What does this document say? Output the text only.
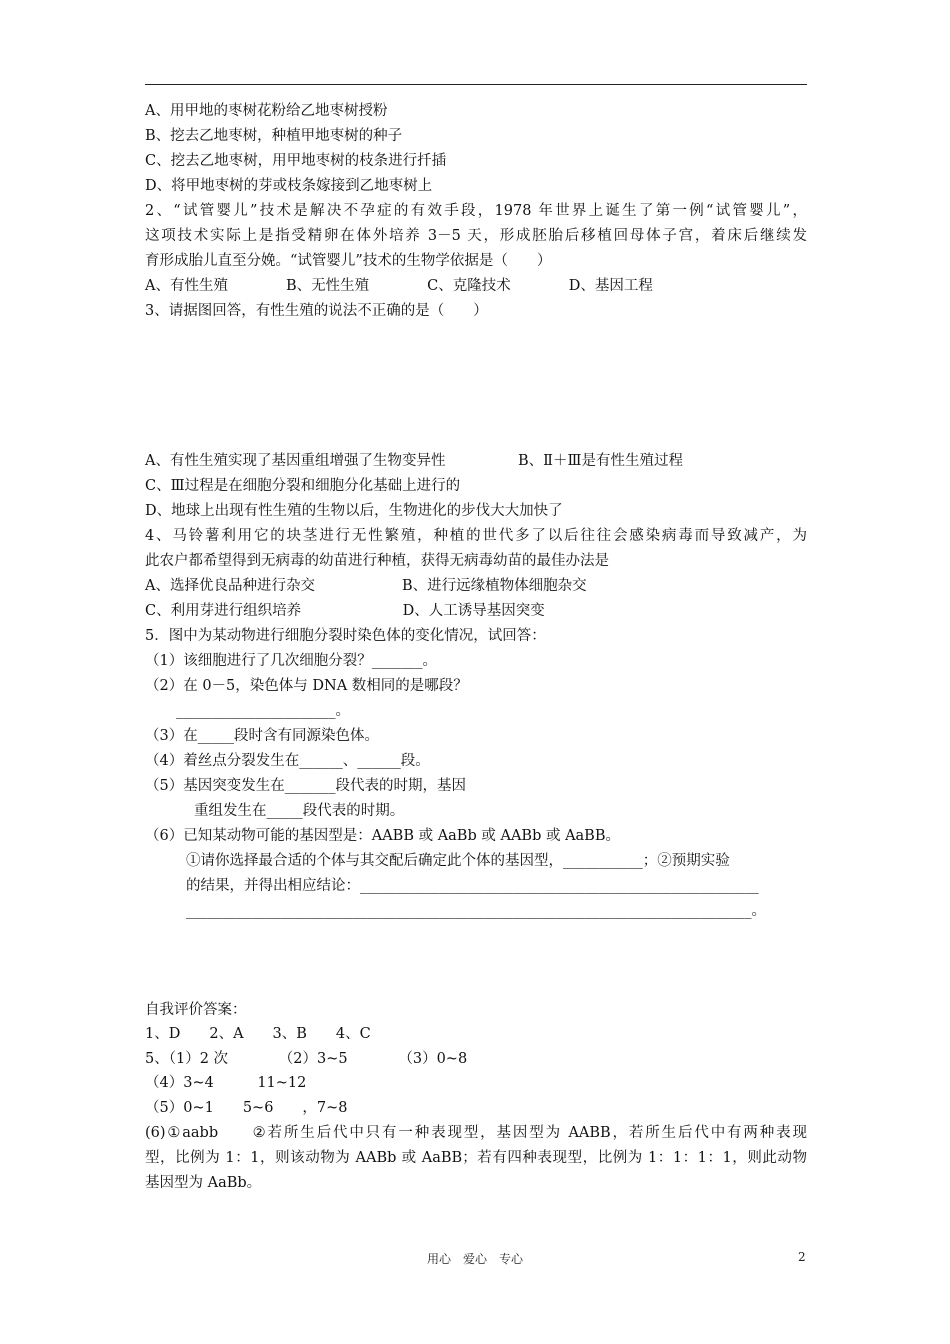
A、用甲地的枣树花粉给乙地枣树授粉
B、挖去乙地枣树，种植甲地枣树的种子
C、挖去乙地枣树，用甲地枣树的枝条进行扦插
D、将甲地枣树的芽或枝条嫁接到乙地枣树上
2、“试管婴儿”技术是解决不孕症的有效手段，1978 年世界上诞生了第一例“试管婴儿”，
这项技术实际上是指受精卵在体外培养 3－5 天，形成胚胎后移植回母体子宫，着床后继续发
育形成胎儿直至分娩。“试管婴儿”技术的生物学依据是（　　）
A、有性生殖　　　　B、无性生殖　　　　C、克隆技术　　　　D、基因工程
3、请据图回答，有性生殖的说法不正确的是（　　）
A、有性生殖实现了基因重组增强了生物变异性　　　　　B、Ⅱ＋Ⅲ是有性生殖过程
C、Ⅲ过程是在细胞分裂和细胞分化基础上进行的
D、地球上出现有性生殖的生物以后，生物进化的步伐大大加快了
4、马铃薯利用它的块茎进行无性繁殖，种植的世代多了以后往往会感染病毒而导致减产，为
此农户都希望得到无病毒的幼苗进行种植，获得无病毒幼苗的最佳办法是
A、选择优良品种进行杂交　　　　　　B、进行远缘植物体细胞杂交
C、利用芽进行组织培养　　　　　　　D、人工诱导基因突变
5．图中为某动物进行细胞分裂时染色体的变化情况，试回答：
（1）该细胞进行了几次细胞分裂？_______。
（2）在 0－5，染色体与 DNA 数相同的是哪段？
______________________。
（3）在_____段时含有同源染色体。
（4）着丝点分裂发生在______、______段。
（5）基因突变发生在_______段代表的时期，基因
重组发生在_____段代表的时期。
（6）已知某动物可能的基因型是：AABB 或 AaBb 或 AABb 或 AaBB。
①请你选择最合适的个体与其交配后确定此个体的基因型，___________；②预期实验
的结果，并得出相应结论：_______________________________________________________
______________________________________________________________________________。
自我评价答案：
1、D　　2、A　　3、B　　4、C
5、（1）2 次　　　　（2）3~5　　　　（3）0~8
（4）3~4　　　11~12
（5）0~1　　5~6　　，7~8
(6)①aabb　　②若所生后代中只有一种表现型，基因型为 AABB，若所生后代中有两种表现
型，比例为 1：1，则该动物为 AABb 或 AaBB；若有四种表现型，比例为 1：1：1：1，则此动物
基因型为 AaBb。
用心　爱心　专心	2
